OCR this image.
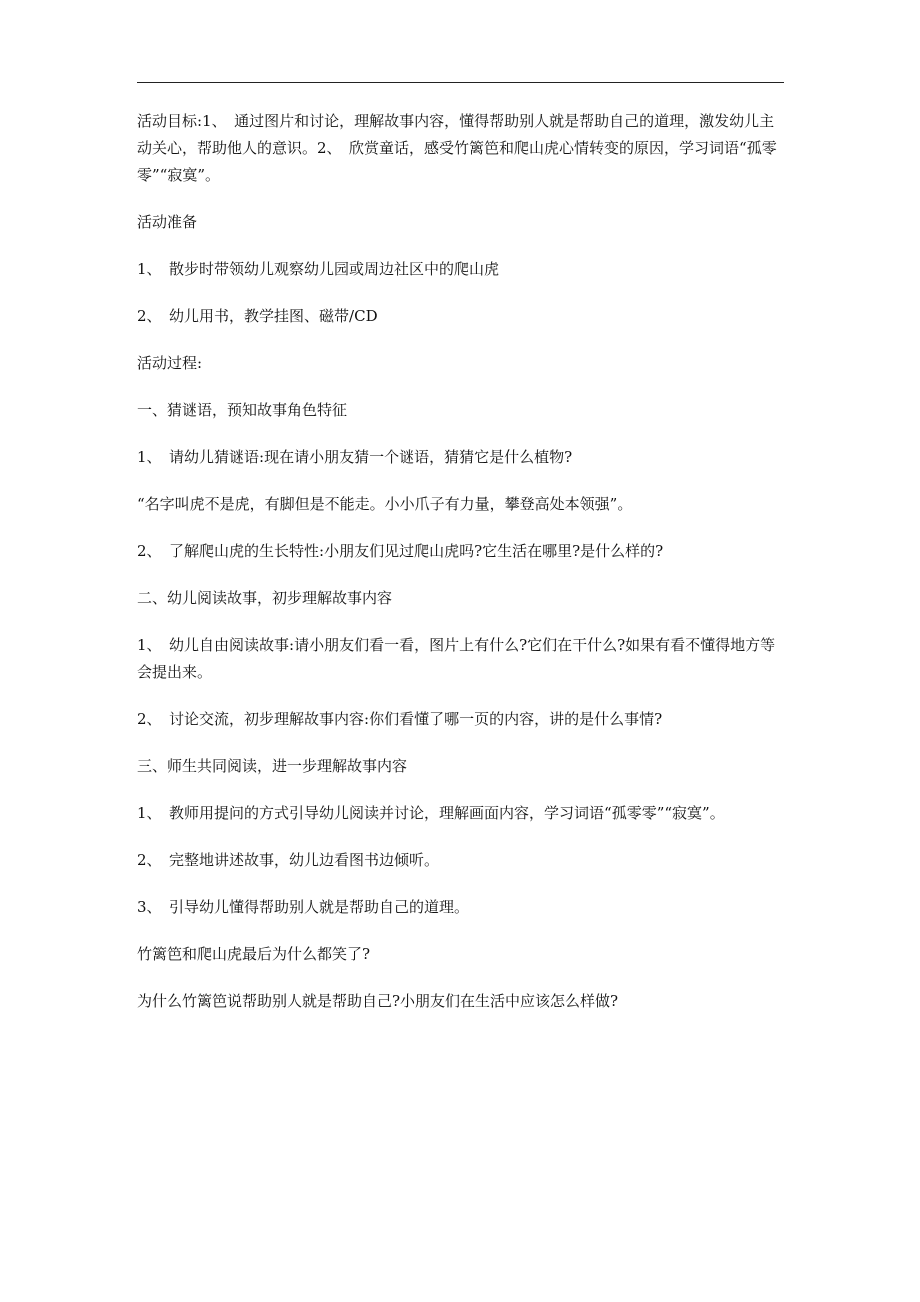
活动目标:1、　通过图片和讨论，理解故事内容，懂得帮助别人就是帮助自己的道理，激发幼儿主动关心，帮助他人的意识。2、　欣赏童话，感受竹篱笆和爬山虎心情转变的原因，学习词语“孤零零”“寂寞”。

活动准备

1、　散步时带领幼儿观察幼儿园或周边社区中的爬山虎

2、　幼儿用书，教学挂图、磁带/CD

活动过程:

一、猜谜语，预知故事角色特征

1、　请幼儿猜谜语:现在请小朋友猜一个谜语，猜猜它是什么植物?

“名字叫虎不是虎，有脚但是不能走。小小爪子有力量，攀登高处本领强”。

2、　了解爬山虎的生长特性:小朋友们见过爬山虎吗?它生活在哪里?是什么样的?

二、幼儿阅读故事，初步理解故事内容

1、　幼儿自由阅读故事:请小朋友们看一看，图片上有什么?它们在干什么?如果有看不懂得地方等会提出来。

2、　讨论交流，初步理解故事内容:你们看懂了哪一页的内容，讲的是什么事情?

三、师生共同阅读，进一步理解故事内容

1、　教师用提问的方式引导幼儿阅读并讨论，理解画面内容，学习词语“孤零零”“寂寞”。

2、　完整地讲述故事，幼儿边看图书边倾听。

3、　引导幼儿懂得帮助别人就是帮助自己的道理。

竹篱笆和爬山虎最后为什么都笑了?

为什么竹篱笆说帮助别人就是帮助自己?小朋友们在生活中应该怎么样做?
